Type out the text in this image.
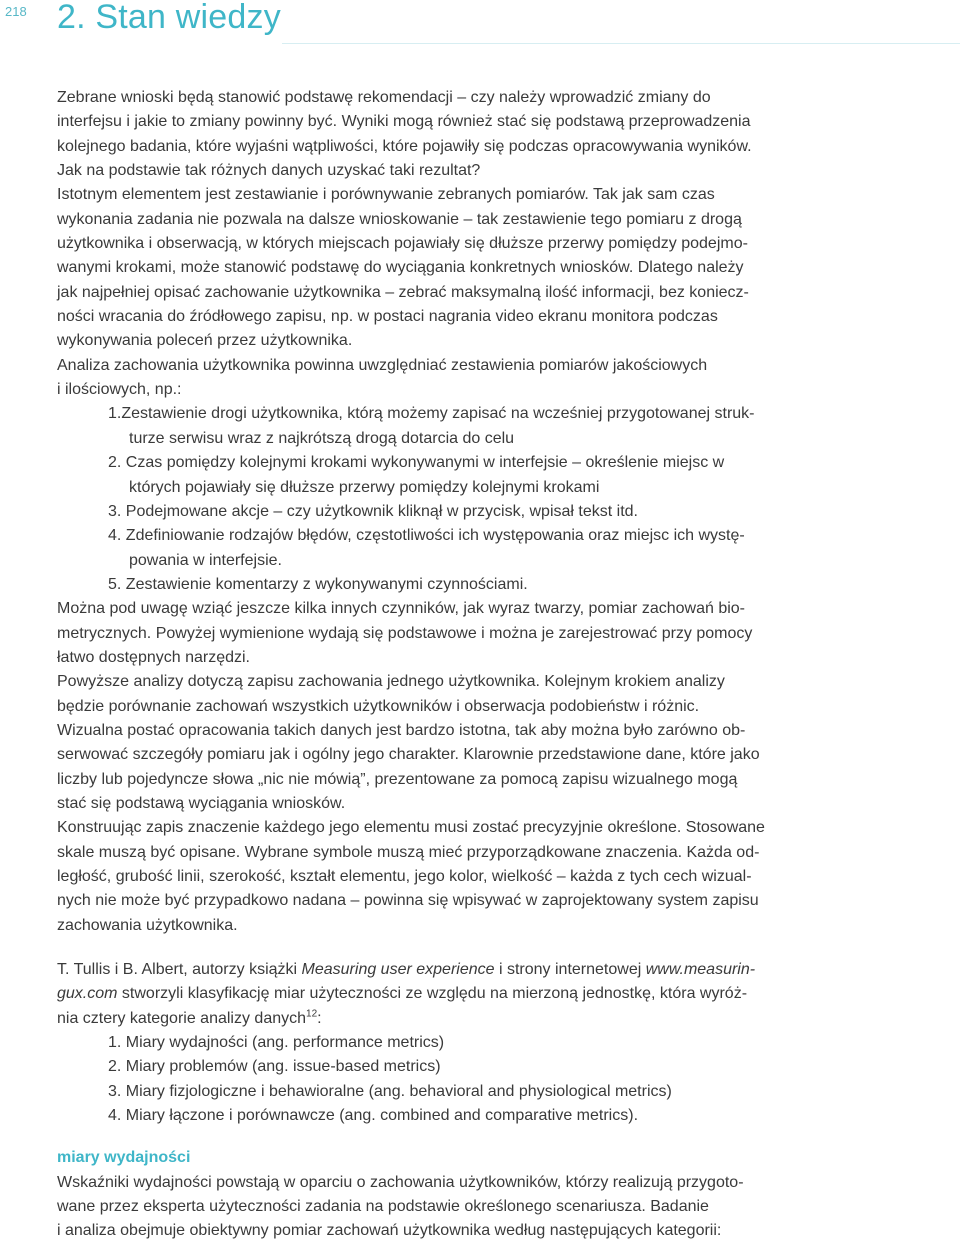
218 2. Stan wiedzy
Zebrane wnioski będą stanowić podstawę rekomendacji – czy należy wprowadzić zmiany do
interfejsu i jakie to zmiany powinny być. Wyniki mogą również stać się podstawą przeprowadzenia
kolejnego badania, które wyjaśni wątpliwości, które pojawiły się podczas opracowywania wyników.
Jak na podstawie tak różnych danych uzyskać taki rezultat?
Istotnym elementem jest zestawianie i porównywanie zebranych pomiarów. Tak jak sam czas
wykonania zadania nie pozwala na dalsze wnioskowanie – tak zestawienie tego pomiaru z drogą
użytkownika i obserwacją, w których miejscach pojawiały się dłuższe przerwy pomiędzy podejmo-
wanymi krokami, może stanowić podstawę do wyciągania konkretnych wniosków. Dlatego należy
jak najpełniej opisać zachowanie użytkownika – zebrać maksymalną ilość informacji, bez koniecz-
ności wracania do źródłowego zapisu, np. w postaci nagrania video ekranu monitora podczas
wykonywania poleceń przez użytkownika.
Analiza zachowania użytkownika powinna uwzględniać zestawienia pomiarów jakościowych
i ilościowych, np.:
1.Zestawienie drogi użytkownika, którą możemy zapisać na wcześniej przygotowanej struk-
turze serwisu wraz z najkrótszą drogą dotarcia do celu
2. Czas pomiędzy kolejnymi krokami wykonywanymi w interfejsie – określenie miejsc w
których pojawiały się dłuższe przerwy pomiędzy kolejnymi krokami
3. Podejmowane akcje – czy użytkownik kliknął w przycisk, wpisał tekst itd.
4. Zdefiniowanie rodzajów błędów, częstotliwości ich występowania oraz miejsc ich wystę-
powania w interfejsie.
5. Zestawienie komentarzy z wykonywanymi czynnościami.
Można pod uwagę wziąć jeszcze kilka innych czynników, jak wyraz twarzy, pomiar zachowań bio-
metrycznych. Powyżej wymienione wydają się podstawowe i można je zarejestrować przy pomocy
łatwo dostępnych narzędzi.
Powyższe analizy dotyczą zapisu zachowania jednego użytkownika. Kolejnym krokiem analizy
będzie porównanie zachowań wszystkich użytkowników i obserwacja podobieństw i różnic.
Wizualna postać opracowania takich danych jest bardzo istotna, tak aby można było zarówno ob-
serwować szczegóły pomiaru jak i ogólny jego charakter. Klarownie przedstawione dane, które jako
liczby lub pojedyncze słowa „nic nie mówią”, prezentowane za pomocą zapisu wizualnego mogą
stać się podstawą wyciągania wniosków.
Konstruując zapis znaczenie każdego jego elementu musi zostać precyzyjnie określone. Stosowane
skale muszą być opisane. Wybrane symbole muszą mieć przyporządkowane znaczenia. Każda od-
ległość, grubość linii, szerokość, kształt elementu, jego kolor, wielkość – każda z tych cech wizual-
nych nie może być przypadkowo nadana – powinna się wpisywać w zaprojektowany system zapisu
zachowania użytkownika.
T. Tullis i B. Albert, autorzy książki Measuring user experience i strony internetowej www.measurin-
gux.com stworzyli klasyfikację miar użyteczności ze względu na mierzoną jednostkę, która wyróż-
nia cztery kategorie analizy danych$^{12}$:
1. Miary wydajności (ang. performance metrics)
2. Miary problemów (ang. issue-based metrics)
3. Miary fizjologiczne i behawioralne (ang. behavioral and physiological metrics)
4. Miary łączone i porównawcze (ang. combined and comparative metrics).
miary wydajności
Wskaźniki wydajności powstają w oparciu o zachowania użytkowników, którzy realizują przygoto-
wane przez eksperta użyteczności zadania na podstawie określonego scenariusza. Badanie
i analiza obejmuje obiektywny pomiar zachowań użytkownika według następujących kategorii:
